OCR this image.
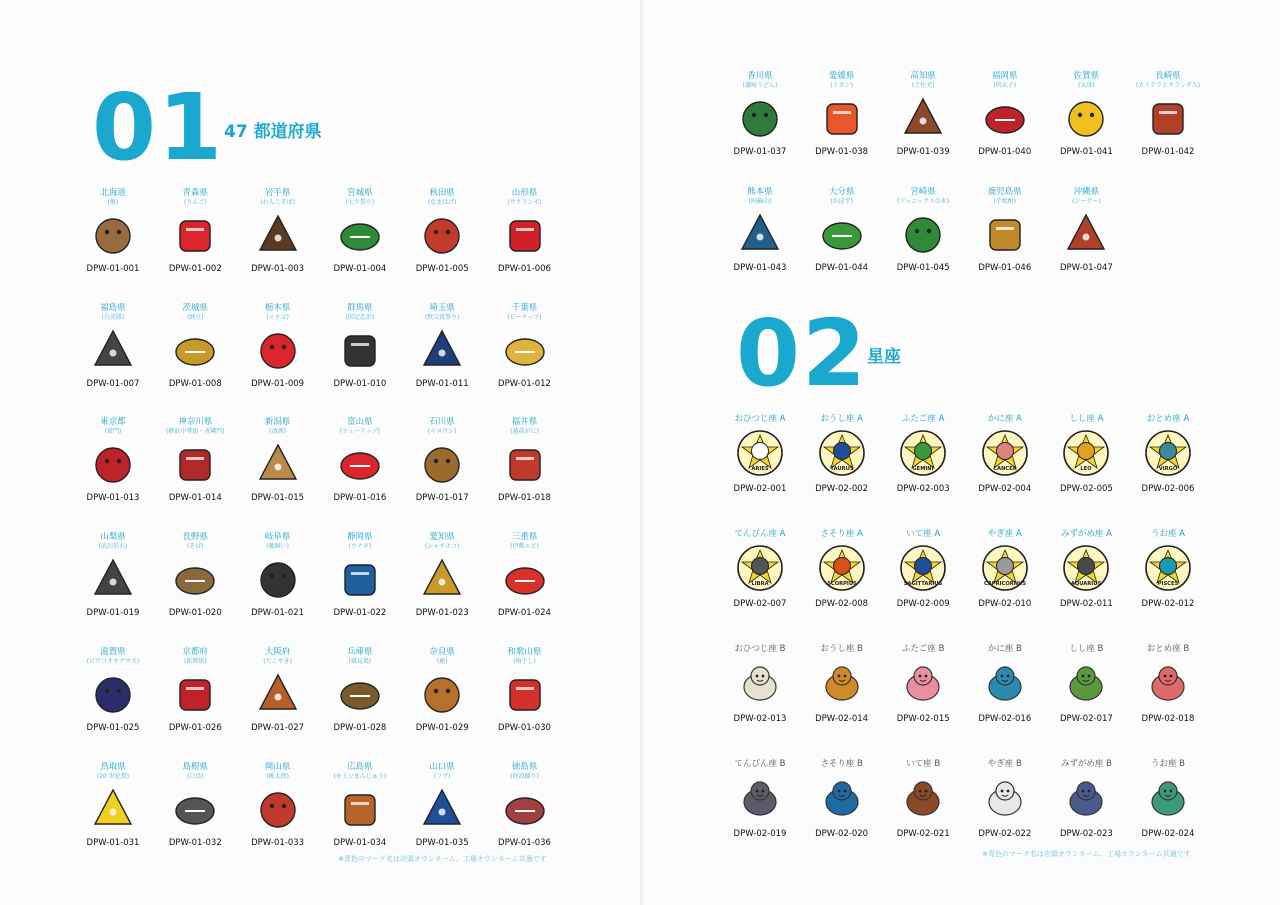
01 47 都道府県
02
星座
北海道
(熊)
DPW-01-001
青森県
(りんご)
DPW-01-002
岩手県
(わんこそば)
DPW-01-003
宮城県
(七夕祭り)
DPW-01-004
秋田県
(なまはげ)
DPW-01-005
山形県
(サクランボ)
DPW-01-006
福島県
(白虎隊)
DPW-01-007
茨城県
(納豆)
DPW-01-008
栃木県
(イチゴ)
DPW-01-009
群馬県
(国定忠治)
DPW-01-010
埼玉県
(秩父夜祭り)
DPW-01-011
千葉県
(ピーナッツ)
DPW-01-012
東京都
(雷門)
DPW-01-013
神奈川県
(横浜中華街・善隣門)
DPW-01-014
新潟県
(清酒)
DPW-01-015
富山県
(チューリップ)
DPW-01-016
石川県
(イヌワシ)
DPW-01-017
福井県
(越前がに)
DPW-01-018
山梨県
(武田信玄)
DPW-01-019
長野県
(そば)
DPW-01-020
岐阜県
(鵜飼い)
DPW-01-021
静岡県
(ウナギ)
DPW-01-022
愛知県
(シャチホコ)
DPW-01-023
三重県
(伊勢エビ)
DPW-01-024
滋賀県
(ビワコオオナマズ)
DPW-01-025
京都府
(新撰組)
DPW-01-026
大阪府
(たこやき)
DPW-01-027
兵庫県
(風見鶏)
DPW-01-028
奈良県
(鹿)
DPW-01-029
和歌山県
(梅干し)
DPW-01-030
鳥取県
(20 世紀梨)
DPW-01-031
島根県
(白鳥)
DPW-01-032
岡山県
(桃太郎)
DPW-01-033
広島県
(モミジまんじゅう)
DPW-01-034
山口県
(フグ)
DPW-01-035
徳島県
(阿波踊り)
DPW-01-036
香川県
(讃岐うどん)
DPW-01-037
愛媛県
(ミカン)
DPW-01-038
高知県
(土佐犬)
DPW-01-039
福岡県
(明太子)
DPW-01-040
佐賀県
(気球)
DPW-01-041
長崎県
(カステラとオランダ人)
DPW-01-042
熊本県
(阿蘇山)
DPW-01-043
大分県
(かぼす)
DPW-01-044
宮崎県
(フェニックスの木)
DPW-01-045
鹿児島県
(芋焼酎)
DPW-01-046
沖縄県
(シーサー)
DPW-01-047
おひつじ座 A
ARIES
DPW-02-001
おうし座 A
TAURUS
DPW-02-002
ふたご座 A
GEMINI
DPW-02-003
かに座 A
CANCER
DPW-02-004
しし座 A
LEO
DPW-02-005
おとめ座 A
VIRGO
DPW-02-006
てんびん座 A
LIBRA
DPW-02-007
さそり座 A
SCORPIUS
DPW-02-008
いて座 A
SAGITTARIUS
DPW-02-009
やぎ座 A
CAPRICORNUS
DPW-02-010
みずがめ座 A
AQUARIUS
DPW-02-011
うお座 A
PISCES
DPW-02-012
おひつじ座 B
DPW-02-013
おうし座 B
DPW-02-014
ふたご座 B
DPW-02-015
かに座 B
DPW-02-016
しし座 B
DPW-02-017
おとめ座 B
DPW-02-018
てんびん座 B
DPW-02-019
さそり座 B
DPW-02-020
いて座 B
DPW-02-021
やぎ座 B
DPW-02-022
みずがめ座 B
DPW-02-023
うお座 B
DPW-02-024
※青色のマーク名は店頭オウンネーム、工場オウンネーム共通です
※青色のマーク名は店頭オウンネーム、工場オウンネーム共通です
